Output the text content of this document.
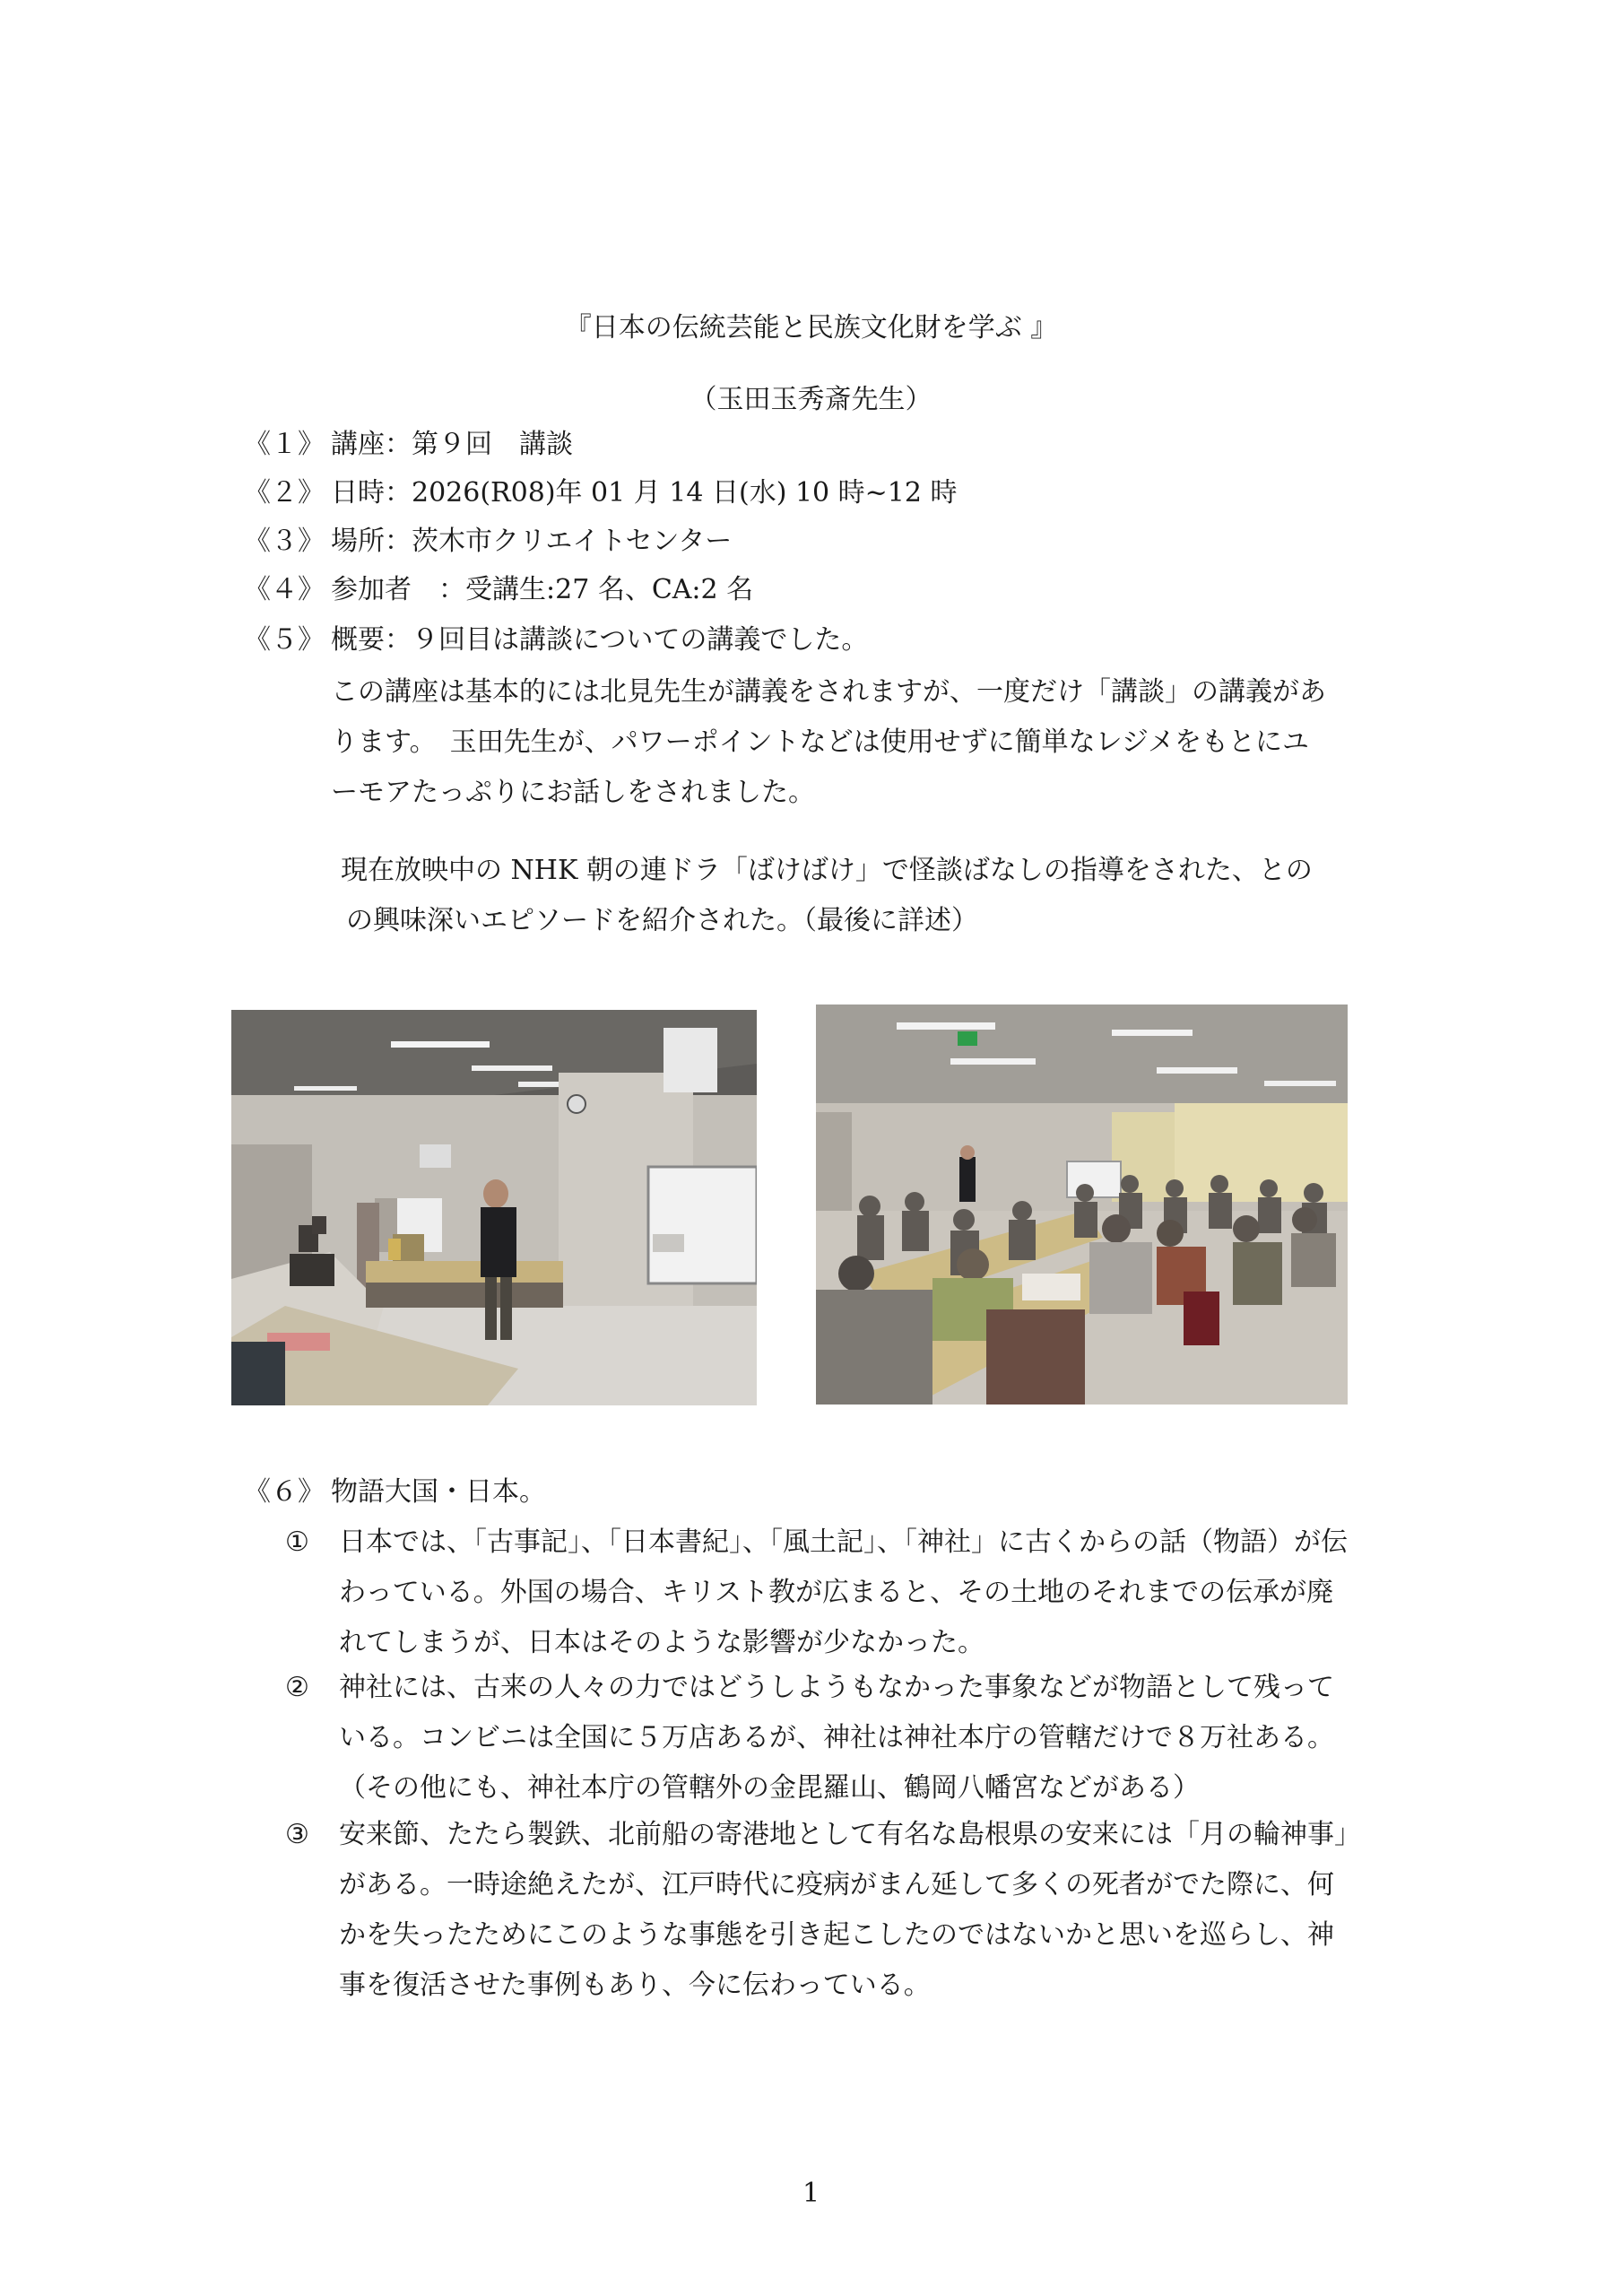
『日本の伝統芸能と民族文化財を学ぶ 』
（玉田玉秀斎先生）
《１》 講座：第９回　講談
《２》 日時：2026(R08)年 01 月 14 日(水) 10 時~12 時
《３》 場所：茨木市クリエイトセンター
《４》 参加者　：受講生:27 名、CA:2 名
《５》 概要：９回目は講談についての講義でした。
この講座は基本的には北見先生が講義をされますが、一度だけ「講談」の講義があ
ります。　玉田先生が、パワーポイントなどは使用せずに簡単なレジメをもとにユ
ーモアたっぷりにお話しをされました。
現在放映中の NHK 朝の連ドラ「ばけばけ」で怪談ばなしの指導をされた、との
の興味深いエピソードを紹介された。（最後に詳述）
《６》 物語大国・日本。
① 日本では、「古事記」、「日本書紀」、「風土記」、「神社」に古くからの話（物語）が伝
わっている。外国の場合、キリスト教が広まると、その土地のそれまでの伝承が廃
れてしまうが、日本はそのような影響が少なかった。
② 神社には、古来の人々の力ではどうしようもなかった事象などが物語として残って
いる。コンビニは全国に５万店あるが、神社は神社本庁の管轄だけで８万社ある。
（その他にも、神社本庁の管轄外の金毘羅山、鶴岡八幡宮などがある）
③ 安来節、たたら製鉄、北前船の寄港地として有名な島根県の安来には「月の輪神事」
がある。一時途絶えたが、江戸時代に疫病がまん延して多くの死者がでた際に、何
かを失ったためにこのような事態を引き起こしたのではないかと思いを巡らし、神
事を復活させた事例もあり、今に伝わっている。
1
